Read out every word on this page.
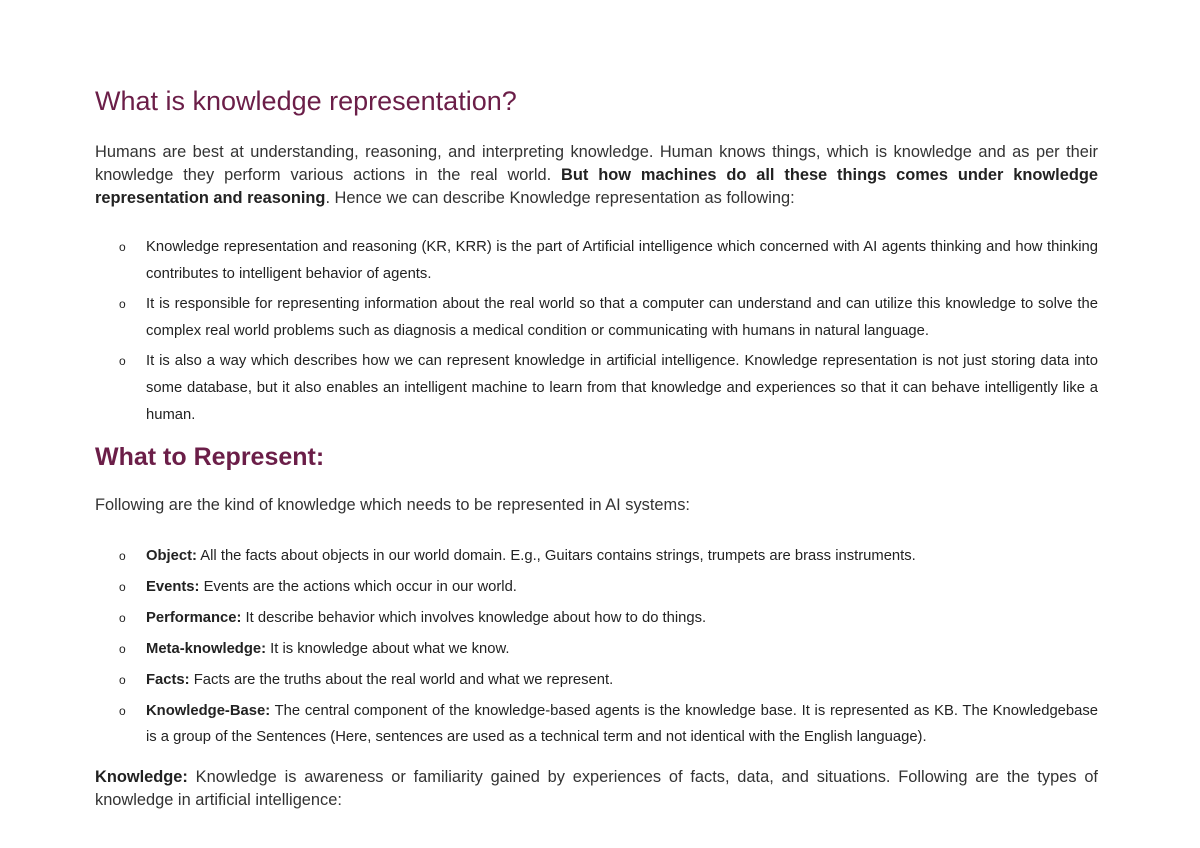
What is knowledge representation?

Humans are best at understanding, reasoning, and interpreting knowledge. Human knows things, which is knowledge and as per their knowledge they perform various actions in the real world. But how machines do all these things comes under knowledge representation and reasoning. Hence we can describe Knowledge representation as following:

o Knowledge representation and reasoning (KR, KRR) is the part of Artificial intelligence which concerned with AI agents thinking and how thinking contributes to intelligent behavior of agents.
o It is responsible for representing information about the real world so that a computer can understand and can utilize this knowledge to solve the complex real world problems such as diagnosis a medical condition or communicating with humans in natural language.
o It is also a way which describes how we can represent knowledge in artificial intelligence. Knowledge representation is not just storing data into some database, but it also enables an intelligent machine to learn from that knowledge and experiences so that it can behave intelligently like a human.
What to Represent:

Following are the kind of knowledge which needs to be represented in AI systems:

o Object: All the facts about objects in our world domain. E.g., Guitars contains strings, trumpets are brass instruments.
o Events: Events are the actions which occur in our world.
o Performance: It describe behavior which involves knowledge about how to do things.
o Meta-knowledge: It is knowledge about what we know.
o Facts: Facts are the truths about the real world and what we represent.
o Knowledge-Base: The central component of the knowledge-based agents is the knowledge base. It is represented as KB. The Knowledgebase is a group of the Sentences (Here, sentences are used as a technical term and not identical with the English language).

Knowledge: Knowledge is awareness or familiarity gained by experiences of facts, data, and situations. Following are the types of knowledge in artificial intelligence:
